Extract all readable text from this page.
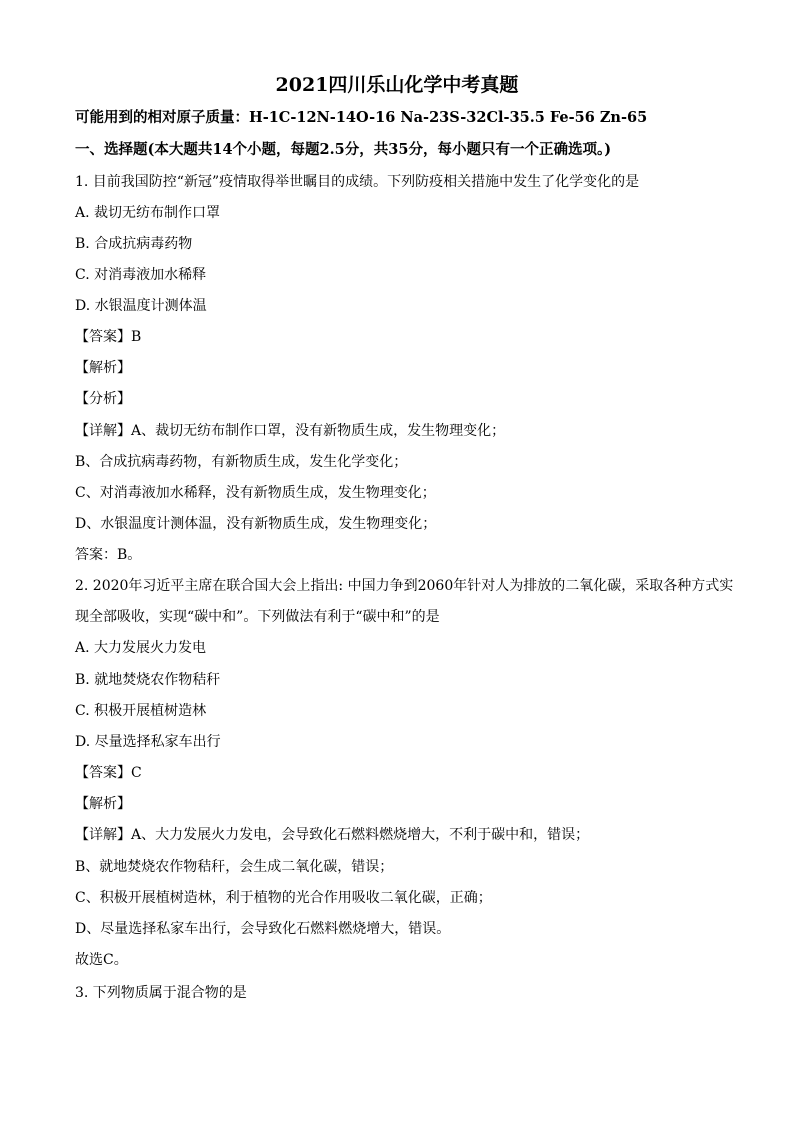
2021四川乐山化学中考真题
可能用到的相对原子质量：H-1C-12N-14O-16 Na-23S-32Cl-35.5 Fe-56 Zn-65
一、选择题(本大题共14个小题，每题2.5分，共35分，每小题只有一个正确选项。)
1. 目前我国防控“新冠”疫情取得举世瞩目的成绩。下列防疫相关措施中发生了化学变化的是
A. 裁切无纺布制作口罩
B. 合成抗病毒药物
C. 对消毒液加水稀释
D. 水银温度计测体温
【答案】B
【解析】
【分析】
【详解】A、裁切无纺布制作口罩，没有新物质生成，发生物理变化；
B、合成抗病毒药物，有新物质生成，发生化学变化；
C、对消毒液加水稀释，没有新物质生成，发生物理变化；
D、水银温度计测体温，没有新物质生成，发生物理变化；
答案：B。
2. 2020年习近平主席在联合国大会上指出: 中国力争到2060年针对人为排放的二氧化碳，采取各种方式实
现全部吸收，实现“碳中和”。下列做法有利于“碳中和”的是
A. 大力发展火力发电
B. 就地焚烧农作物秸秆
C. 积极开展植树造林
D. 尽量选择私家车出行
【答案】C
【解析】
【详解】A、大力发展火力发电，会导致化石燃料燃烧增大，不利于碳中和，错误；
B、就地焚烧农作物秸秆，会生成二氧化碳，错误；
C、积极开展植树造林，利于植物的光合作用吸收二氧化碳，正确；
D、尽量选择私家车出行，会导致化石燃料燃烧增大，错误。
故选C。
3. 下列物质属于混合物的是
